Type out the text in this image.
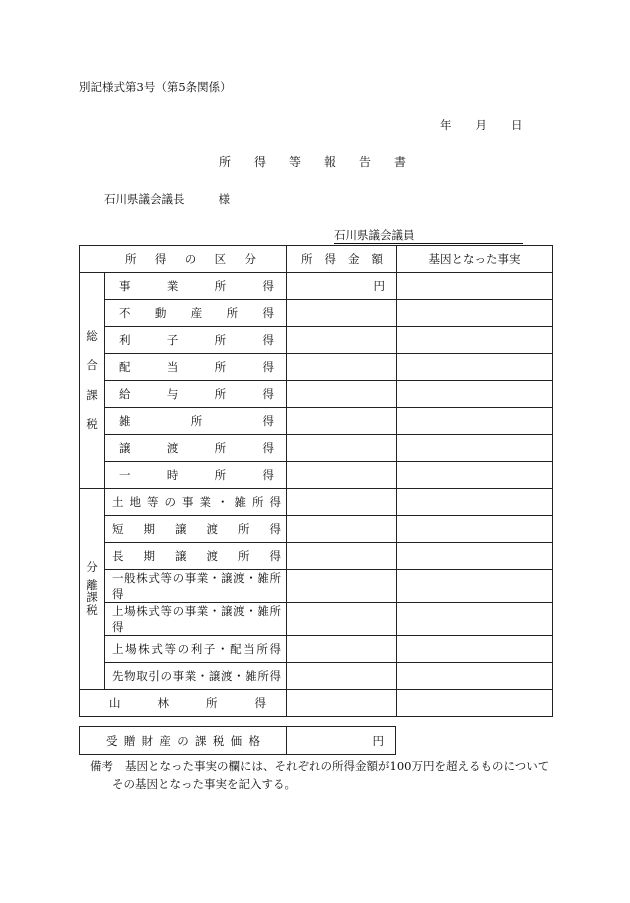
別記様式第3号（第5条関係）
年 月 日
所得等報告書
石川県議会議長	様
石川県議会議員
所得の区分		所得金額	基因となった事実

総
合
課
税	事業所得	円	
	不動産所得		
	利子所得		
	配当所得		
	給与所得		
	雑所得		
	譲渡所得		
	一時所得		

分
離
課
税	土地等の事業・雑所得		
	短期譲渡所得		
	長期譲渡所得		
	一般株式等の事業・譲渡・雑所得		
	上場株式等の事業・譲渡・雑所得		
	上場株式等の利子・配当所得		
	先物取引の事業・譲渡・雑所得		
山林所得			
受贈財産の課税価格	円
備考 基因となった事実の欄には、それぞれの所得金額が100万円を超えるものについて
その基因となった事実を記入する。
